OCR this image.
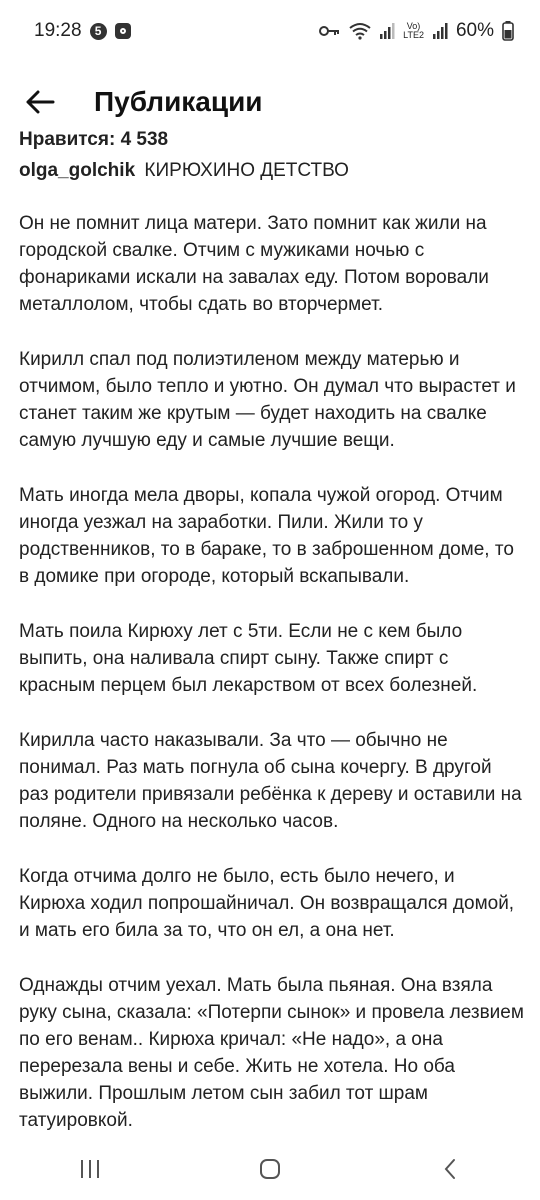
19:28	5	Vo)
LTE2 60%
Публикации
Нравится: 4 538
olga_golchik КИРЮХИНО ДЕТСТВО

Он не помнит лица матери. Зато помнит как жили на городской свалке. Отчим с мужиками ночью с фонариками искали на завалах еду. Потом воровали металлолом, чтобы сдать во вторчермет.

Кирилл спал под полиэтиленом между матерью и отчимом, было тепло и уютно. Он думал что вырастет и станет таким же крутым — будет находить на свалке самую лучшую еду и самые лучшие вещи.

Мать иногда мела дворы, копала чужой огород. Отчим иногда уезжал на заработки. Пили. Жили то у родственников, то в бараке, то в заброшенном доме, то в домике при огороде, который вскапывали.

Мать поила Кирюху лет с 5ти. Если не с кем было выпить, она наливала спирт сыну. Также спирт с красным перцем был лекарством от всех болезней.

Кирилла часто наказывали. За что — обычно не понимал. Раз мать погнула об сына кочергу. В другой раз родители привязали ребёнка к дереву и оставили на поляне. Одного на несколько часов.

Когда отчима долго не было, есть было нечего, и Кирюха ходил попрошайничал. Он возвращался домой, и мать его била за то, что он ел, а она нет.

Однажды отчим уехал. Мать была пьяная. Она взяла руку сына, сказала: «Потерпи сынок» и провела лезвием по его венам.. Кирюха кричал: «Не надо», а она перерезала вены и себе. Жить не хотела. Но оба выжили. Прошлым летом сын забил тот шрам татуировкой.
